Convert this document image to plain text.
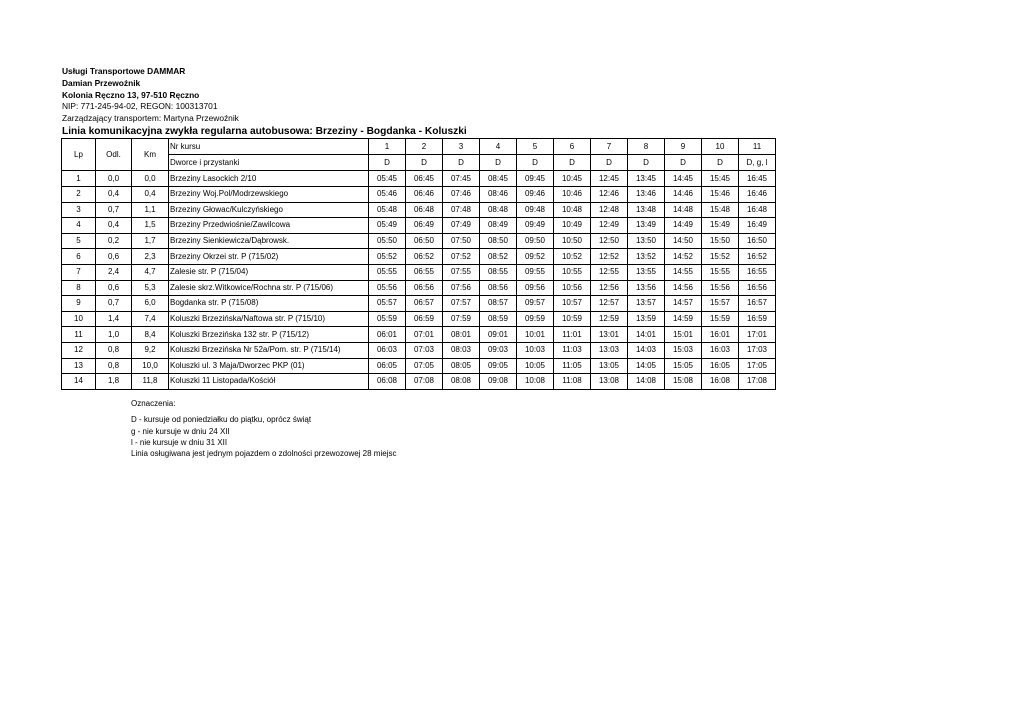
Usługi Transportowe DAMMAR
Damian Przewoźnik
Kolonia Ręczno 13, 97-510 Ręczno
NIP: 771-245-94-02, REGON: 100313701
Zarządzający transportem: Martyna Przewoźnik
Linia komunikacyjna zwykła regularna autobusowa: Brzeziny - Bogdanka - Koluszki
Lp	Odl.	Km	Nr kursu	1	2	3	4	5	6	7	8	9	10	11
			Dworce i przystanki	D	D	D	D	D	D	D	D	D	D	D, g, l
1	0,0	0,0	Brzeziny Lasockich 2/10	05:45	06:45	07:45	08:45	09:45	10:45	12:45	13:45	14:45	15:45	16:45
2	0,4	0,4	Brzeziny Woj.Pol/Modrzewskiego	05:46	06:46	07:46	08:46	09:46	10:46	12:46	13:46	14:46	15:46	16:46
3	0,7	1,1	Brzeziny Głowac/Kulczyńskiego	05:48	06:48	07:48	08:48	09:48	10:48	12:48	13:48	14:48	15:48	16:48
4	0,4	1,5	Brzeziny Przedwiośnie/Zawilcowa	05:49	06:49	07:49	08:49	09:49	10:49	12:49	13:49	14:49	15:49	16:49
5	0,2	1,7	Brzeziny Sienkiewicza/Dąbrowsk.	05:50	06:50	07:50	08:50	09:50	10:50	12:50	13:50	14:50	15:50	16:50
6	0,6	2,3	Brzeziny Okrzei str. P (715/02)	05:52	06:52	07:52	08:52	09:52	10:52	12:52	13:52	14:52	15:52	16:52
7	2,4	4,7	Zalesie str. P (715/04)	05:55	06:55	07:55	08:55	09:55	10:55	12:55	13:55	14:55	15:55	16:55
8	0,6	5,3	Zalesie skrz.Witkowice/Rochna str. P (715/06)	05:56	06:56	07:56	08:56	09:56	10:56	12:56	13:56	14:56	15:56	16:56
9	0,7	6,0	Bogdanka str. P (715/08)	05:57	06:57	07:57	08:57	09:57	10:57	12:57	13:57	14:57	15:57	16:57
10	1,4	7,4	Koluszki Brzezińska/Naftowa str. P (715/10)	05:59	06:59	07:59	08:59	09:59	10:59	12:59	13:59	14:59	15:59	16:59
11	1,0	8,4	Koluszki Brzezińska 132 str. P (715/12)	06:01	07:01	08:01	09:01	10:01	11:01	13:01	14:01	15:01	16:01	17:01
12	0,8	9,2	Koluszki Brzezińska Nr 52a/Pom. str. P (715/14)	06:03	07:03	08:03	09:03	10:03	11:03	13:03	14:03	15:03	16:03	17:03
13	0,8	10,0	Koluszki ul. 3 Maja/Dworzec PKP (01)	06:05	07:05	08:05	09:05	10:05	11:05	13:05	14:05	15:05	16:05	17:05
14	1,8	11,8	Koluszki 11 Listopada/Kościół	06:08	07:08	08:08	09:08	10:08	11:08	13:08	14:08	15:08	16:08	17:08
Oznaczenia:
D - kursuje od poniedziałku do piątku, oprócz świąt
g - nie kursuje w dniu 24 XII
l - nie kursuje w dniu 31 XII
Linia osługiwana jest jednym pojazdem o zdolności przewozowej 28 miejsc
